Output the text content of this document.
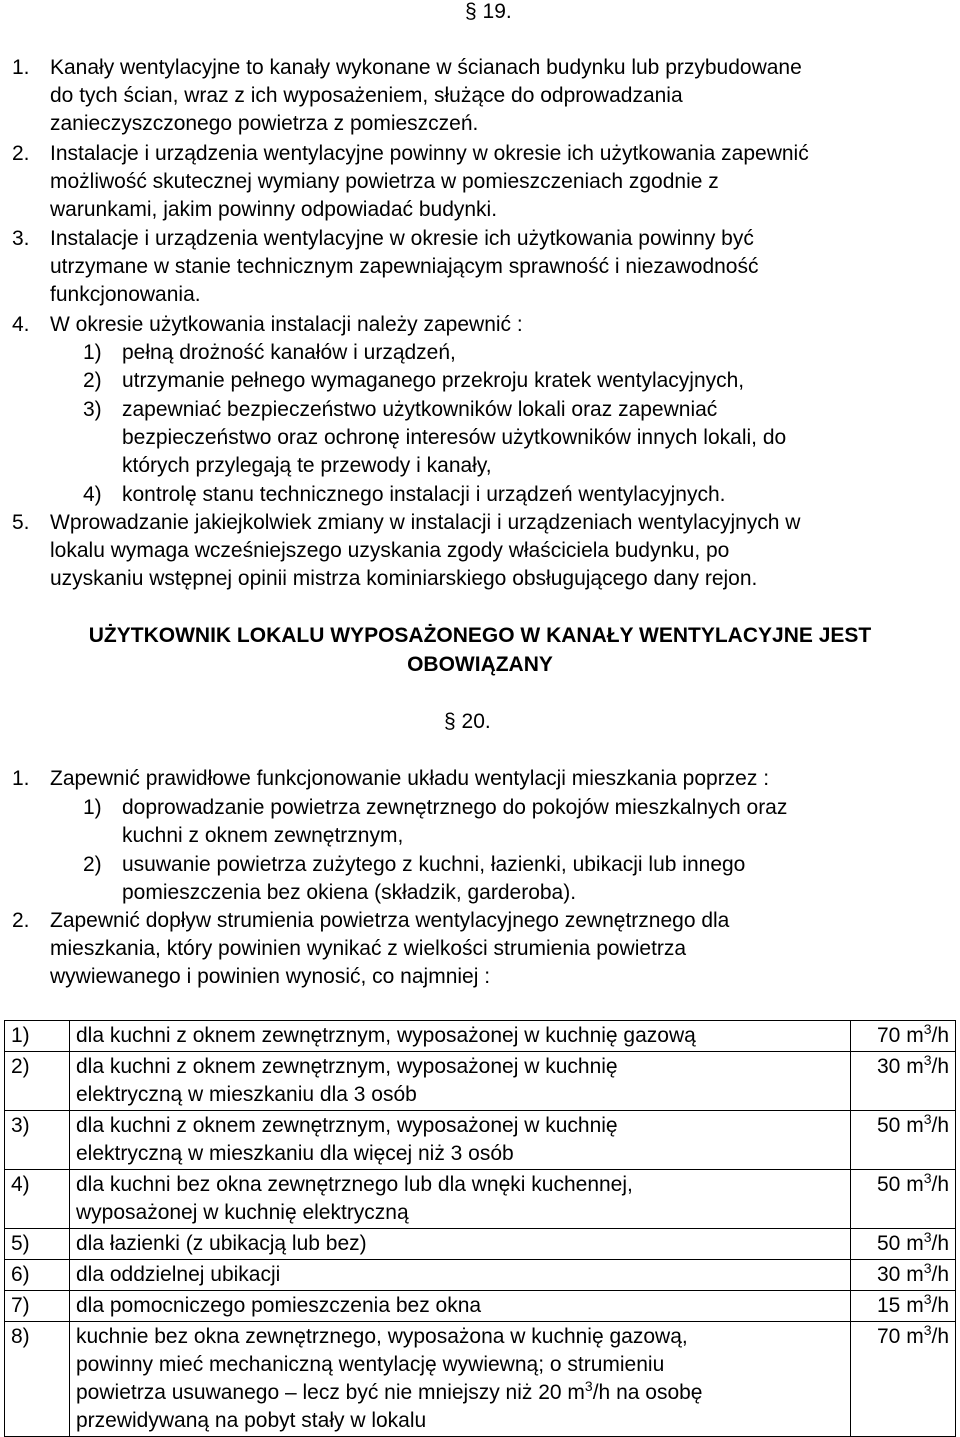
§ 19.
1. Kanały wentylacyjne to kanały wykonane w ścianach budynku lub przybudowane
do tych ścian, wraz z ich wyposażeniem, służące do odprowadzania
zanieczyszczonego powietrza z pomieszczeń.
2. Instalacje i urządzenia wentylacyjne powinny w okresie ich użytkowania zapewnić
możliwość skutecznej wymiany powietrza w pomieszczeniach zgodnie z
warunkami, jakim powinny odpowiadać budynki.
3. Instalacje i urządzenia wentylacyjne w okresie ich użytkowania powinny być
utrzymane w stanie technicznym zapewniającym sprawność i niezawodność
funkcjonowania.
4. W okresie użytkowania instalacji należy zapewnić :
1) pełną drożność kanałów i urządzeń,
2) utrzymanie pełnego wymaganego przekroju kratek wentylacyjnych,
3) zapewniać bezpieczeństwo użytkowników lokali oraz zapewniać
bezpieczeństwo oraz ochronę interesów użytkowników innych lokali, do
których przylegają te przewody i kanały,
4) kontrolę stanu technicznego instalacji i urządzeń wentylacyjnych.
5. Wprowadzanie jakiejkolwiek zmiany w instalacji i urządzeniach wentylacyjnych w
lokalu wymaga wcześniejszego uzyskania zgody właściciela budynku, po
uzyskaniu wstępnej opinii mistrza kominiarskiego obsługującego dany rejon.
UŻYTKOWNIK LOKALU WYPOSAŻONEGO W KANAŁY WENTYLACYJNE JEST
OBOWIĄZANY
§ 20.
1. Zapewnić prawidłowe funkcjonowanie układu wentylacji mieszkania poprzez :
1) doprowadzanie powietrza zewnętrznego do pokojów mieszkalnych oraz
kuchni z oknem zewnętrznym,
2) usuwanie powietrza zużytego z kuchni, łazienki, ubikacji lub innego
pomieszczenia bez okiena (składzik, garderoba).
2. Zapewnić dopływ strumienia powietrza wentylacyjnego zewnętrznego dla
mieszkania, który powinien wynikać z wielkości strumienia powietrza
wywiewanego i powinien wynosić, co najmniej :
1)	dla kuchni z oknem zewnętrznym, wyposażonej w kuchnię gazową	70 $m^3/h$
2)	dla kuchni z oknem zewnętrznym, wyposażonej w kuchnię
elektryczną w mieszkaniu dla 3 osób	30 $m^3/h$
3)	dla kuchni z oknem zewnętrznym, wyposażonej w kuchnię
elektryczną w mieszkaniu dla więcej niż 3 osób	50 $m^3/h$
4)	dla kuchni bez okna zewnętrznego lub dla wnęki kuchennej,
wyposażonej w kuchnię elektryczną	50 $m^3/h$
5)	dla łazienki (z ubikacją lub bez)	50 $m^3/h$
6)	dla oddzielnej ubikacji	30 $m^3/h$
7)	dla pomocniczego pomieszczenia bez okna	15 $m^3/h$
8)	kuchnie bez okna zewnętrznego, wyposażona w kuchnię gazową,
powinny mieć mechaniczną wentylację wywiewną; o strumieniu
powietrza usuwanego – lecz być nie mniejszy niż 20 $m^3/h$ na osobę
przewidywaną na pobyt stały w lokalu	70 $m^3/h$
